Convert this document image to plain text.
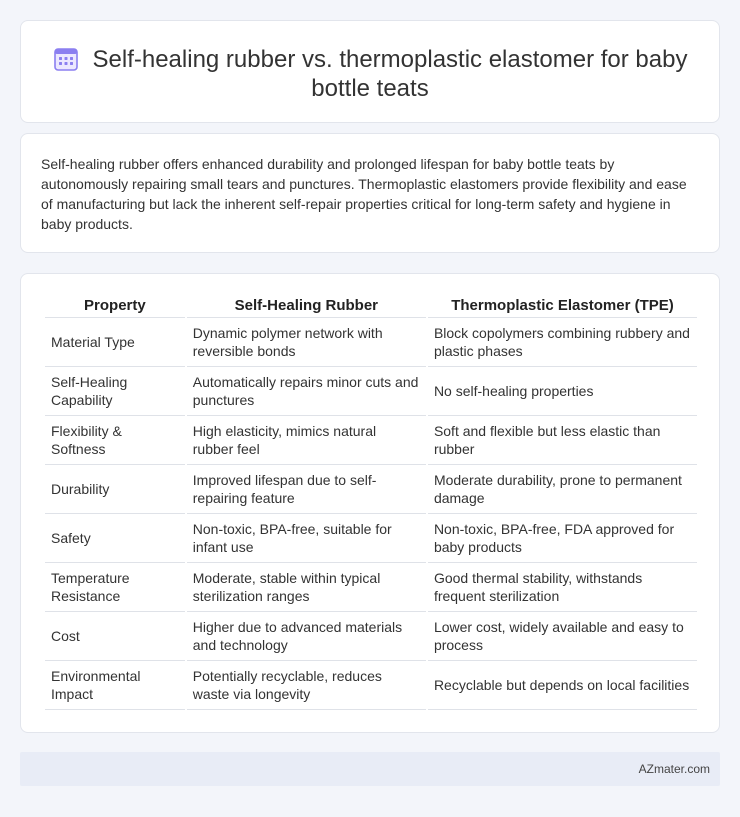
Self-healing rubber vs. thermoplastic elastomer for baby bottle teats

Self-healing rubber offers enhanced durability and prolonged lifespan for baby bottle teats by autonomously repairing small tears and punctures. Thermoplastic elastomers provide flexibility and ease of manufacturing but lack the inherent self-repair properties critical for long-term safety and hygiene in baby products.

Property	Self-Healing Rubber	Thermoplastic Elastomer (TPE)
Material Type	Dynamic polymer network with reversible bonds	Block copolymers combining rubbery and plastic phases
Self-Healing Capability	Automatically repairs minor cuts and punctures	No self-healing properties
Flexibility & Softness	High elasticity, mimics natural rubber feel	Soft and flexible but less elastic than rubber
Durability	Improved lifespan due to self-repairing feature	Moderate durability, prone to permanent damage
Safety	Non-toxic, BPA-free, suitable for infant use	Non-toxic, BPA-free, FDA approved for baby products
Temperature Resistance	Moderate, stable within typical sterilization ranges	Good thermal stability, withstands frequent sterilization
Cost	Higher due to advanced materials and technology	Lower cost, widely available and easy to process
Environmental Impact	Potentially recyclable, reduces waste via longevity	Recyclable but depends on local facilities
AZmater.com
